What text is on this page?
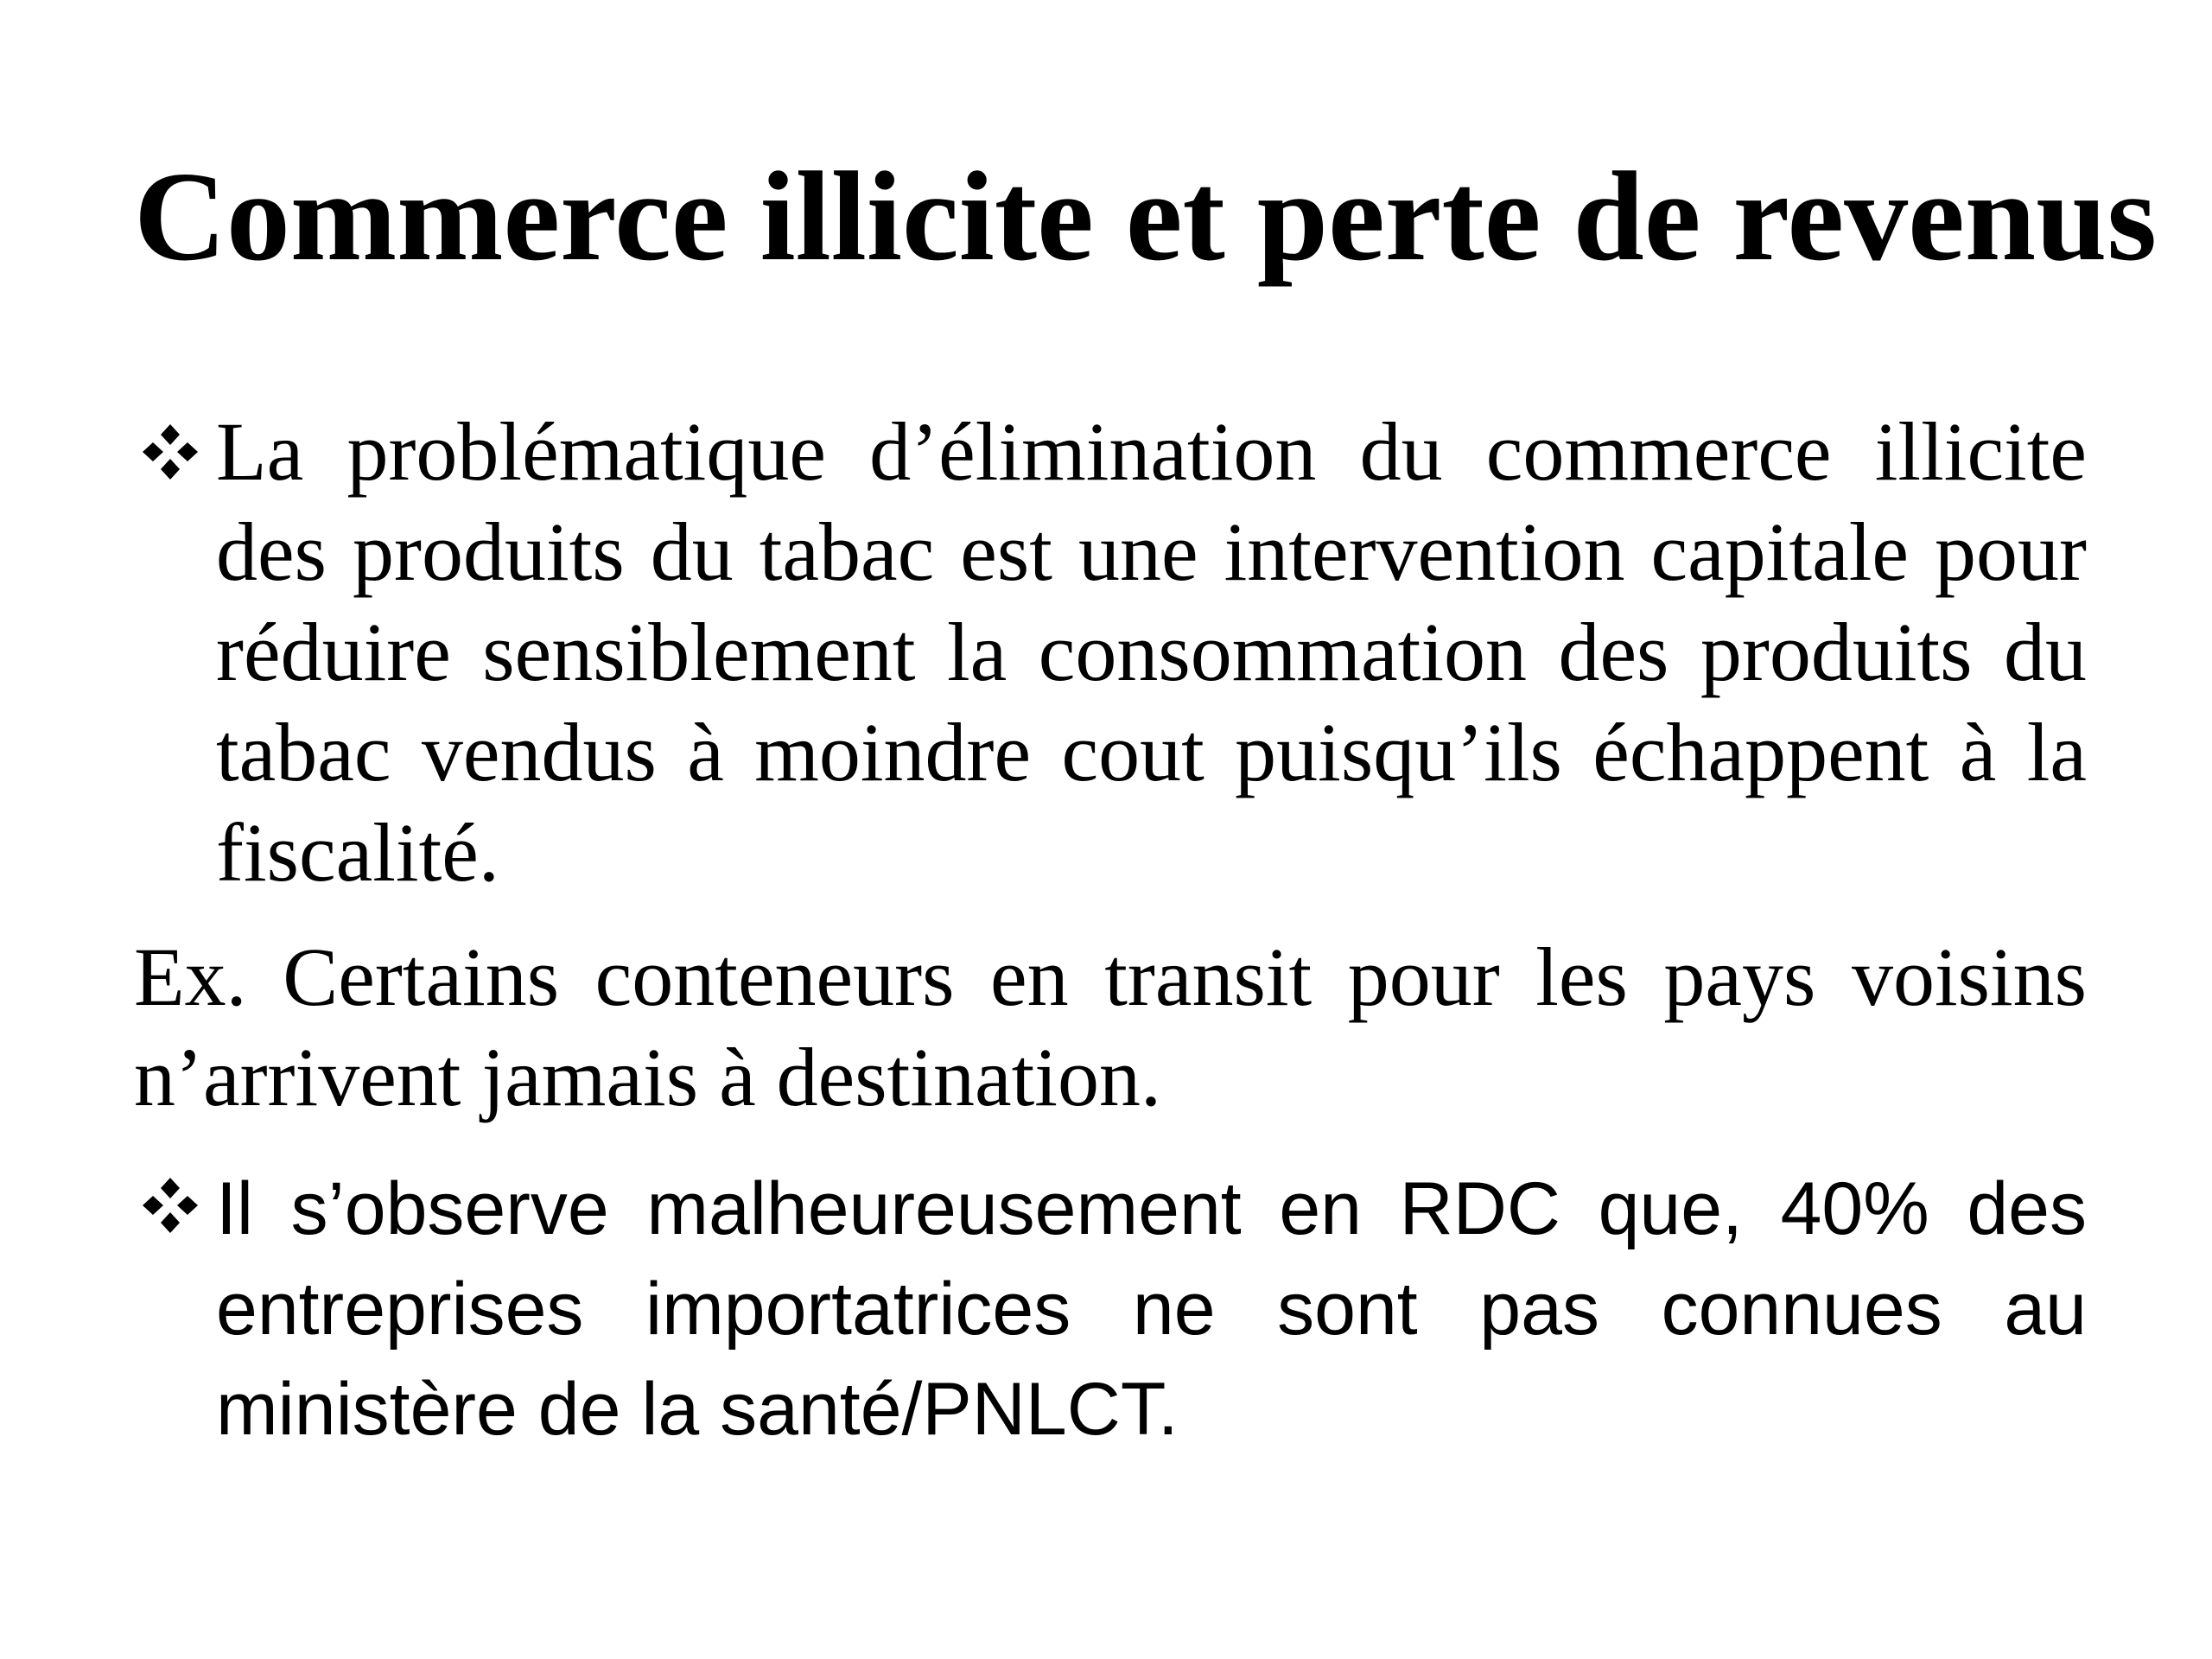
Commerce illicite et perte de revenus
La problématique d’élimination du commerce illicite des produits du tabac est une intervention capitale pour réduire sensiblement la consommation des produits du tabac vendus à moindre cout puisqu’ils échappent à la fiscalité.
Ex. Certains conteneurs en transit pour les pays voisins n’arrivent jamais à destination.
Il s’observe malheureusement en RDC que, 40% des entreprises importatrices ne sont pas connues au ministère de la santé/PNLCT.
